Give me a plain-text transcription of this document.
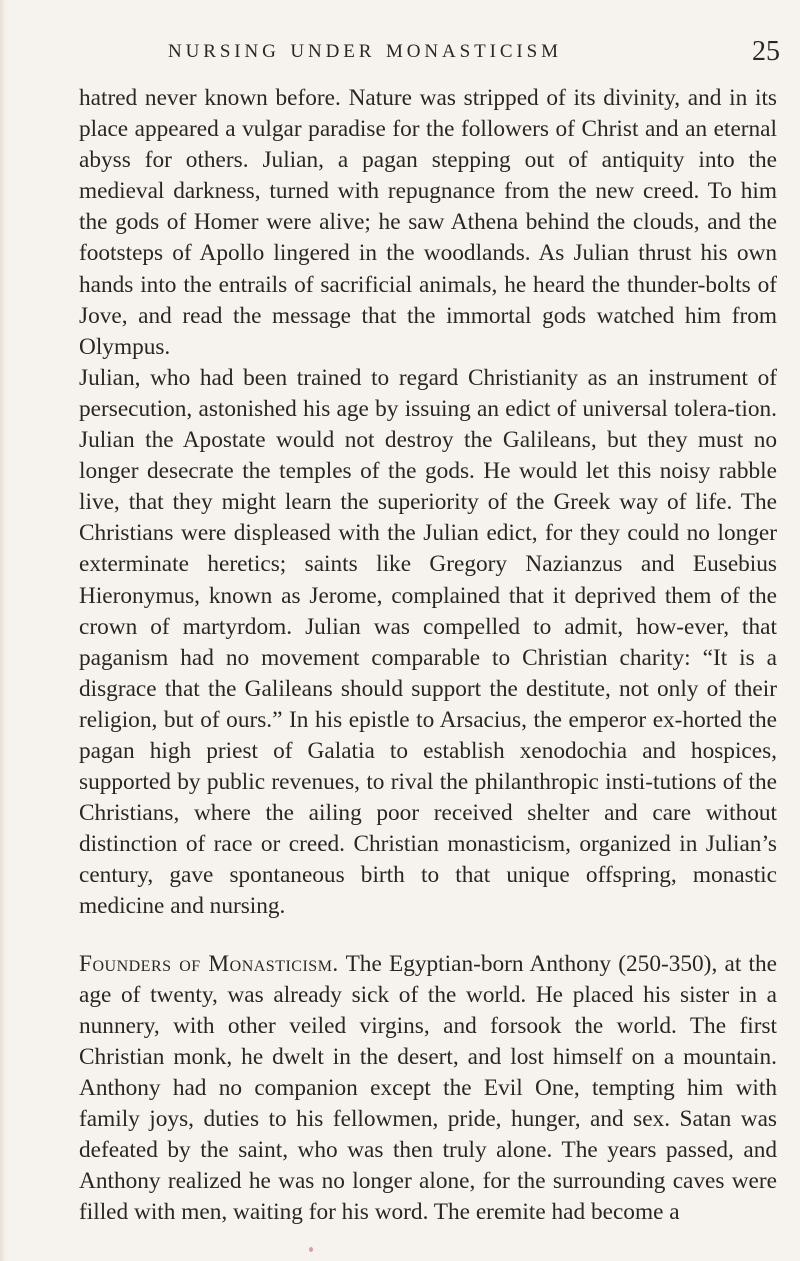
NURSING UNDER MONASTICISM	25

hatred never known before. Nature was stripped of its divinity, and in its place appeared a vulgar paradise for the followers of Christ and an eternal abyss for others. Julian, a pagan stepping out of antiquity into the medieval darkness, turned with repugnance from the new creed. To him the gods of Homer were alive; he saw Athena behind the clouds, and the footsteps of Apollo lingered in the woodlands. As Julian thrust his own hands into the entrails of sacrificial animals, he heard the thunder-bolts of Jove, and read the message that the immortal gods watched him from Olympus.

Julian, who had been trained to regard Christianity as an instrument of persecution, astonished his age by issuing an edict of universal tolera-tion. Julian the Apostate would not destroy the Galileans, but they must no longer desecrate the temples of the gods. He would let this noisy rabble live, that they might learn the superiority of the Greek way of life. The Christians were displeased with the Julian edict, for they could no longer exterminate heretics; saints like Gregory Nazianzus and Eusebius Hieronymus, known as Jerome, complained that it deprived them of the crown of martyrdom. Julian was compelled to admit, how-ever, that paganism had no movement comparable to Christian charity: “It is a disgrace that the Galileans should support the destitute, not only of their religion, but of ours.” In his epistle to Arsacius, the emperor ex-horted the pagan high priest of Galatia to establish xenodochia and hospices, supported by public revenues, to rival the philanthropic insti-tutions of the Christians, where the ailing poor received shelter and care without distinction of race or creed. Christian monasticism, organized in Julian’s century, gave spontaneous birth to that unique offspring, monastic medicine and nursing.

Founders of Monasticism. The Egyptian-born Anthony (250-350), at the age of twenty, was already sick of the world. He placed his sister in a nunnery, with other veiled virgins, and forsook the world. The first Christian monk, he dwelt in the desert, and lost himself on a mountain. Anthony had no companion except the Evil One, tempting him with family joys, duties to his fellowmen, pride, hunger, and sex. Satan was defeated by the saint, who was then truly alone. The years passed, and Anthony realized he was no longer alone, for the surrounding caves were filled with men, waiting for his word. The eremite had become a
